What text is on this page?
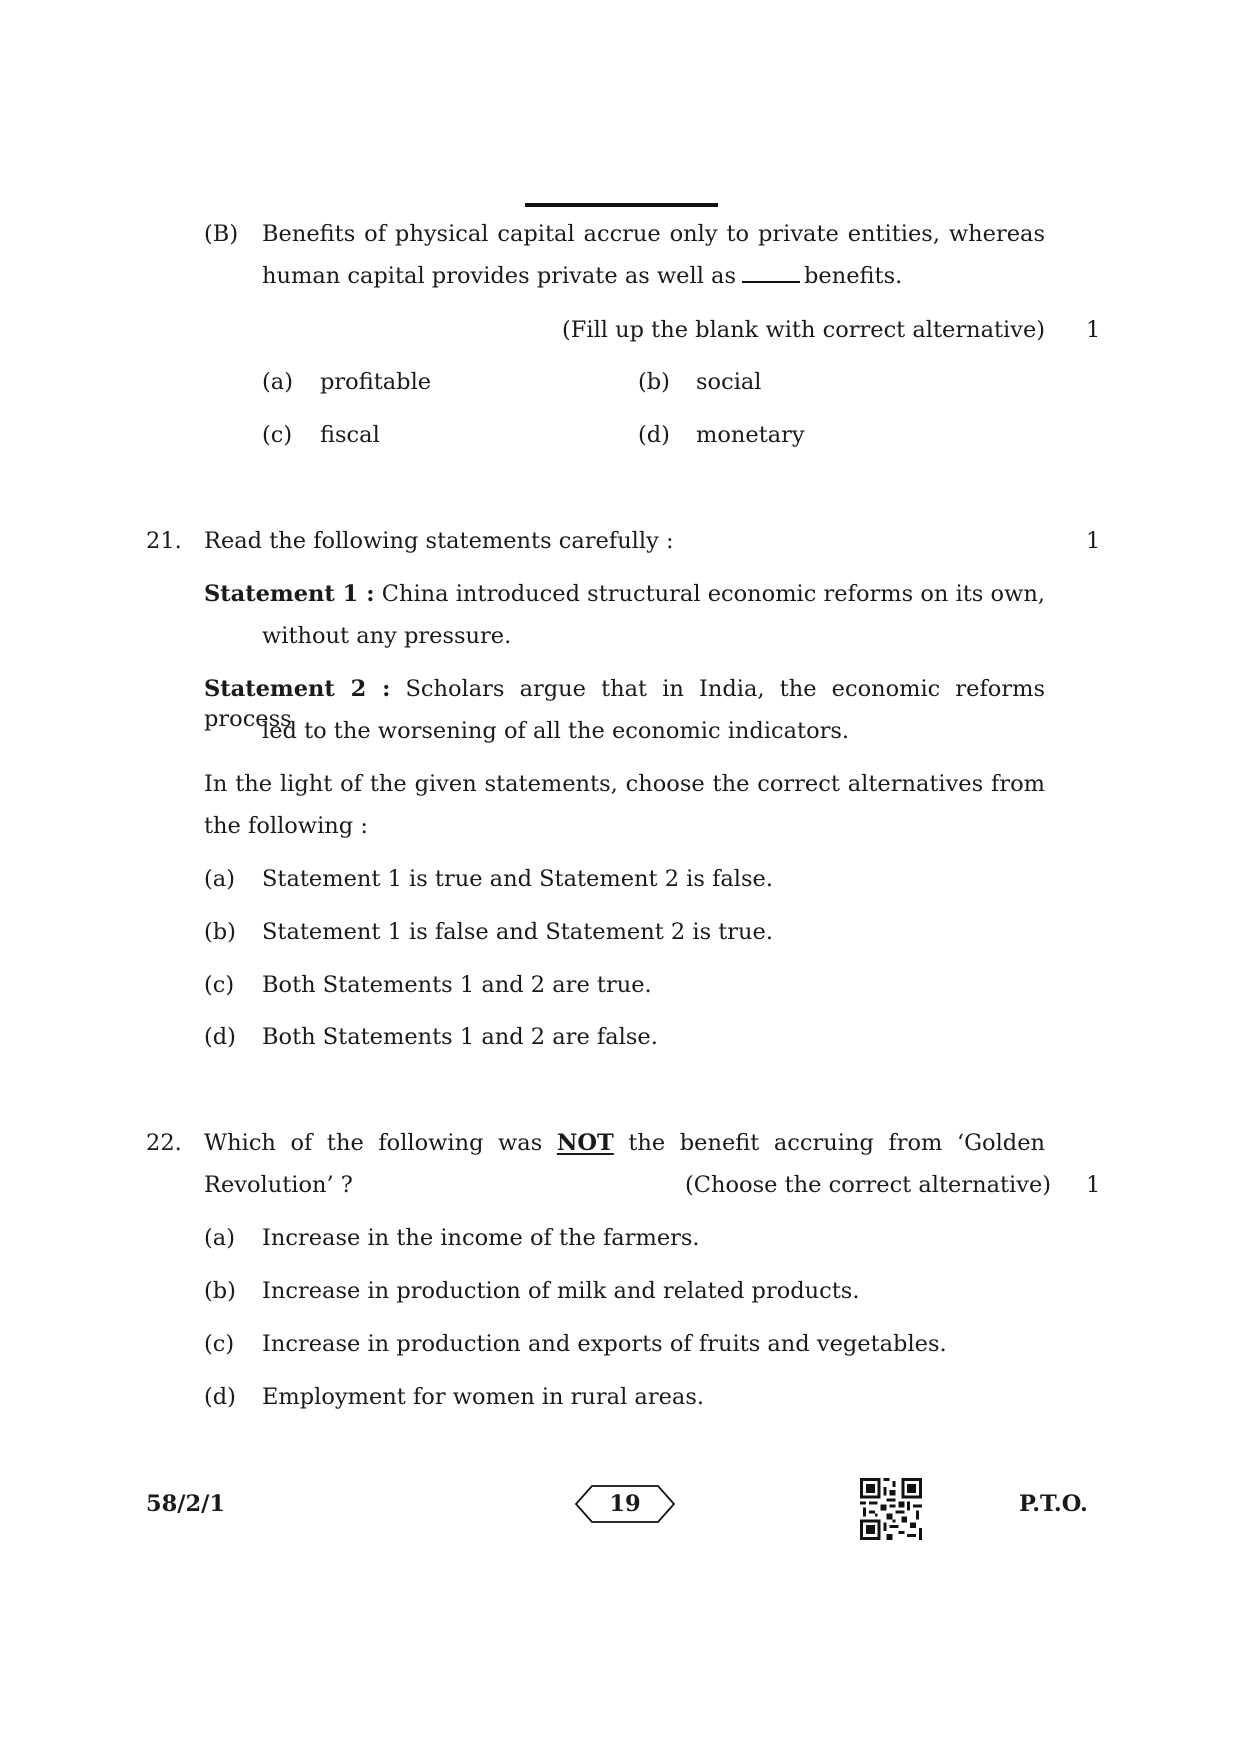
(B) Benefits of physical capital accrue only to private entities, whereas
human capital provides private as well as	benefits.
(Fill up the blank with correct alternative) 1
(a) profitable	(b) social
(c) fiscal	(d) monetary
21. Read the following statements carefully :	1
Statement 1 : China introduced structural economic reforms on its own,
without any pressure.
Statement 2 : Scholars argue that in India, the economic reforms process
led to the worsening of all the economic indicators.
In the light of the given statements, choose the correct alternatives from
the following :
(a) Statement 1 is true and Statement 2 is false.
(b) Statement 1 is false and Statement 2 is true.
(c) Both Statements 1 and 2 are true.
(d) Both Statements 1 and 2 are false.
22. Which of the following was NOT the benefit accruing from ‘Golden
Revolution’ ?	(Choose the correct alternative) 1
(a) Increase in the income of the farmers.
(b) Increase in production of milk and related products.
(c) Increase in production and exports of fruits and vegetables.
(d) Employment for women in rural areas.
58/2/1	19	P.T.O.
